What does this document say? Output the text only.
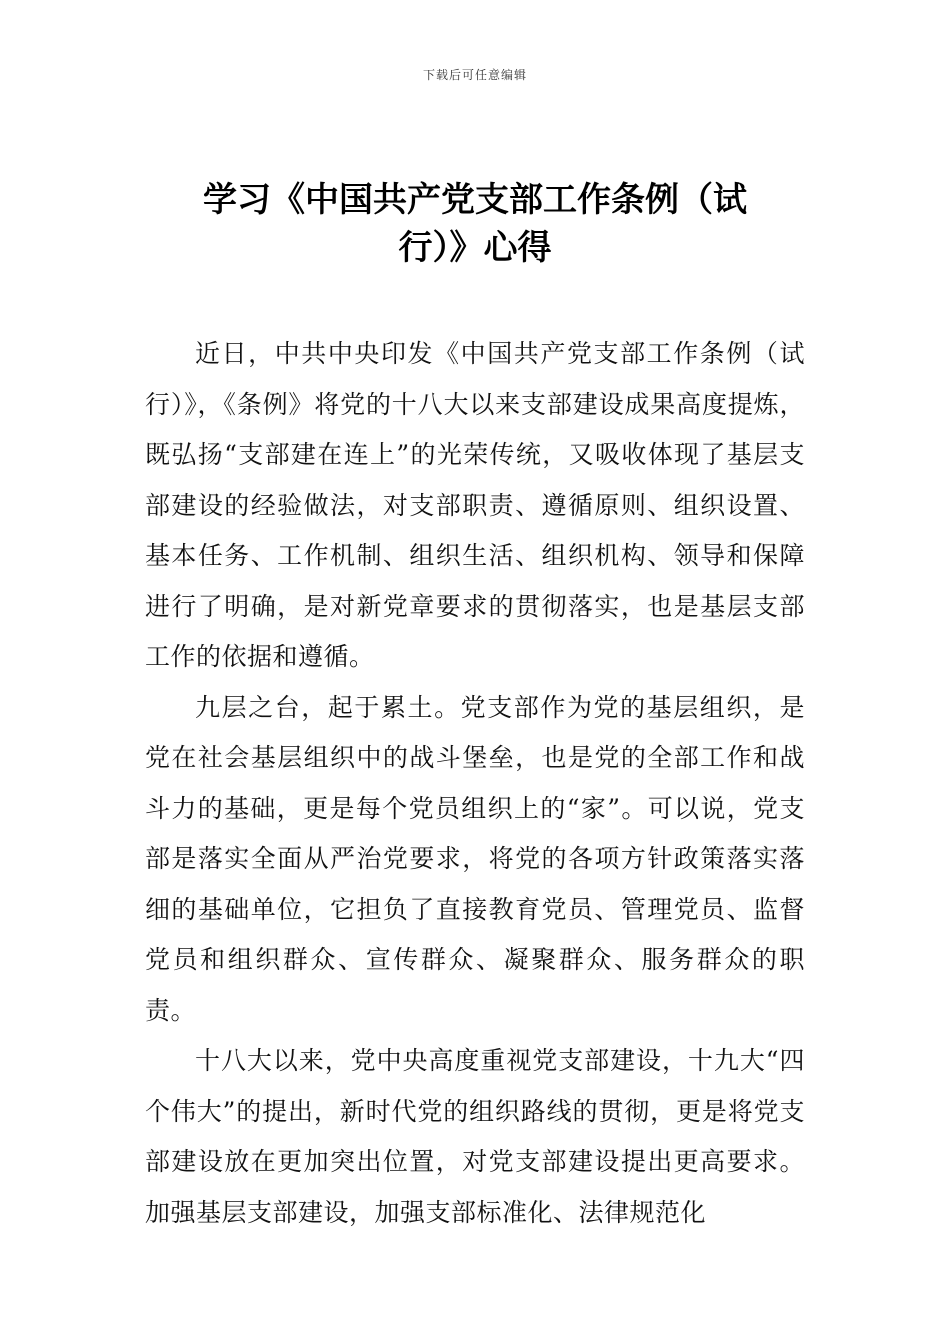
下载后可任意编辑
学习《中国共产党支部工作条例（试
行）》心得

近日，中共中央印发《中国共产党支部工作条例（试行）》，《条例》将党的十八大以来支部建设成果高度提炼，既弘扬“支部建在连上”的光荣传统，又吸收体现了基层支部建设的经验做法，对支部职责、遵循原则、组织设置、基本任务、工作机制、组织生活、组织机构、领导和保障进行了明确，是对新党章要求的贯彻落实，也是基层支部工作的依据和遵循。

九层之台，起于累土。党支部作为党的基层组织，是党在社会基层组织中的战斗堡垒，也是党的全部工作和战斗力的基础，更是每个党员组织上的“家”。可以说，党支部是落实全面从严治党要求，将党的各项方针政策落实落细的基础单位，它担负了直接教育党员、管理党员、监督党员和组织群众、宣传群众、凝聚群众、服务群众的职责。

十八大以来，党中央高度重视党支部建设，十九大“四个伟大”的提出，新时代党的组织路线的贯彻，更是将党支部建设放在更加突出位置，对党支部建设提出更高要求。加强基层支部建设，加强支部标准化、法律规范化
